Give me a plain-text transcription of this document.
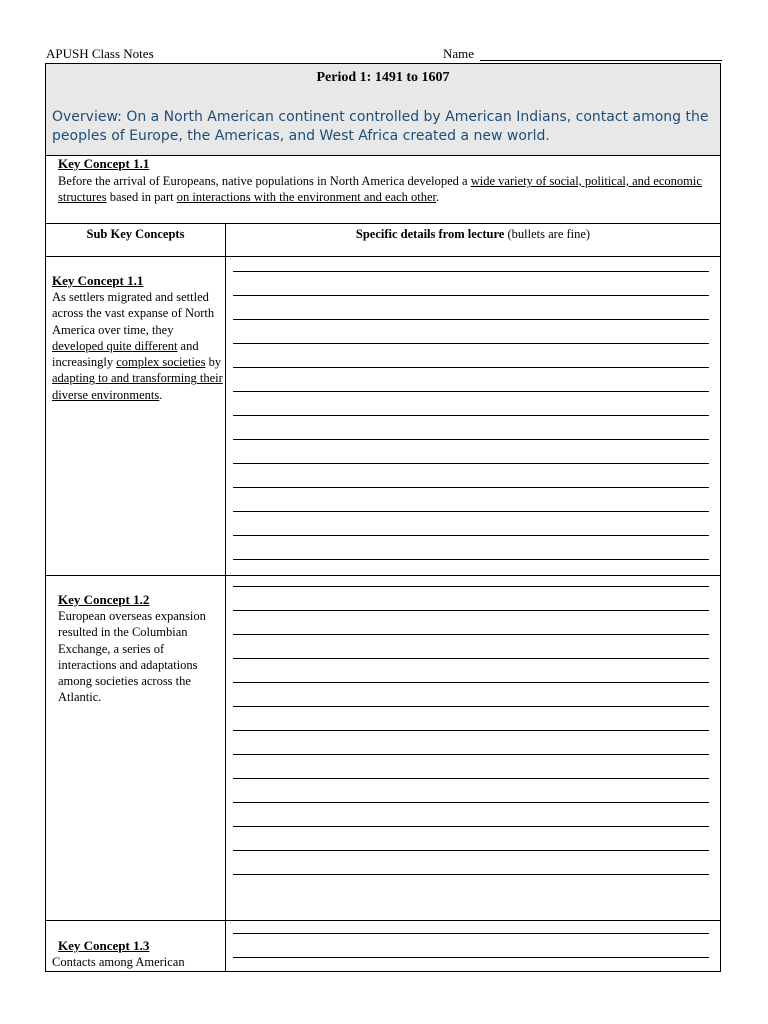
APUSH Class Notes	Name
Period 1: 1491 to 1607
Overview: On a North American continent controlled by American Indians, contact among the peoples of Europe, the Americas, and West Africa created a new world.
Key Concept 1.1
Before the arrival of Europeans, native populations in North America developed a wide variety of social, political, and economic structures based in part on interactions with the environment and each other.
Sub Key Concepts	Specific details from lecture (bullets are fine)
Key Concept 1.1
As settlers migrated and settled across the vast expanse of North America over time, they developed quite different and increasingly complex societies by adapting to and transforming their diverse environments.
Key Concept 1.2
European overseas expansion resulted in the Columbian Exchange, a series of interactions and adaptations among societies across the Atlantic.
Key Concept 1.3
Contacts among American
